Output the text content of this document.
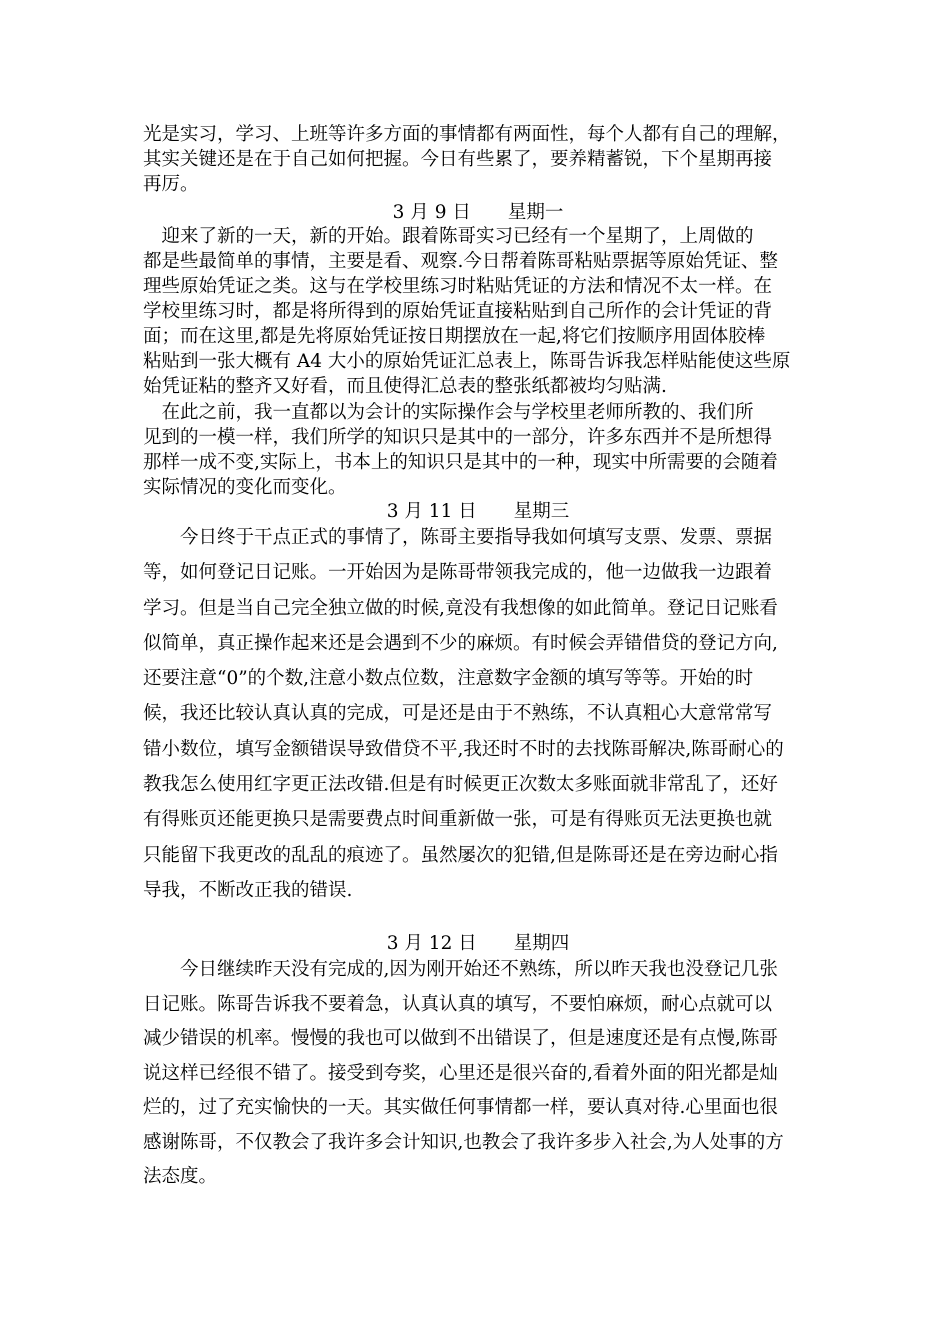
光是实习，学习、上班等许多方面的事情都有两面性，每个人都有自己的理解，
其实关键还是在于自己如何把握。今日有些累了，要养精蓄锐，下个星期再接
再厉。
3 月 9 日　　星期一
　迎来了新的一天，新的开始。跟着陈哥实习已经有一个星期了，上周做的
都是些最简单的事情，主要是看、观察.今日帮着陈哥粘贴票据等原始凭证、整
理些原始凭证之类。这与在学校里练习时粘贴凭证的方法和情况不太一样。在
学校里练习时，都是将所得到的原始凭证直接粘贴到自己所作的会计凭证的背
面；而在这里,都是先将原始凭证按日期摆放在一起,将它们按顺序用固体胶棒
粘贴到一张大概有 A4 大小的原始凭证汇总表上，陈哥告诉我怎样贴能使这些原
始凭证粘的整齐又好看，而且使得汇总表的整张纸都被均匀贴满.
　在此之前，我一直都以为会计的实际操作会与学校里老师所教的、我们所
见到的一模一样，我们所学的知识只是其中的一部分，许多东西并不是所想得
那样一成不变,实际上，书本上的知识只是其中的一种，现实中所需要的会随着
实际情况的变化而变化。
3 月 11 日　　星期三
　　今日终于干点正式的事情了，陈哥主要指导我如何填写支票、发票、票据
等，如何登记日记账。一开始因为是陈哥带领我完成的，他一边做我一边跟着
学习。但是当自己完全独立做的时候,竟没有我想像的如此简单。登记日记账看
似简单，真正操作起来还是会遇到不少的麻烦。有时候会弄错借贷的登记方向,
还要注意“0”的个数,注意小数点位数，注意数字金额的填写等等。开始的时
候，我还比较认真认真的完成，可是还是由于不熟练，不认真粗心大意常常写
错小数位，填写金额错误导致借贷不平,我还时不时的去找陈哥解决,陈哥耐心的
教我怎么使用红字更正法改错.但是有时候更正次数太多账面就非常乱了，还好
有得账页还能更换只是需要费点时间重新做一张，可是有得账页无法更换也就
只能留下我更改的乱乱的痕迹了。虽然屡次的犯错,但是陈哥还是在旁边耐心指
导我，不断改正我的错误.
3 月 12 日　　星期四
　　今日继续昨天没有完成的,因为刚开始还不熟练，所以昨天我也没登记几张
日记账。陈哥告诉我不要着急，认真认真的填写，不要怕麻烦，耐心点就可以
减少错误的机率。慢慢的我也可以做到不出错误了，但是速度还是有点慢,陈哥
说这样已经很不错了。接受到夸奖，心里还是很兴奋的,看着外面的阳光都是灿
烂的，过了充实愉快的一天。其实做任何事情都一样，要认真对待.心里面也很
感谢陈哥，不仅教会了我许多会计知识,也教会了我许多步入社会,为人处事的方
法态度。
